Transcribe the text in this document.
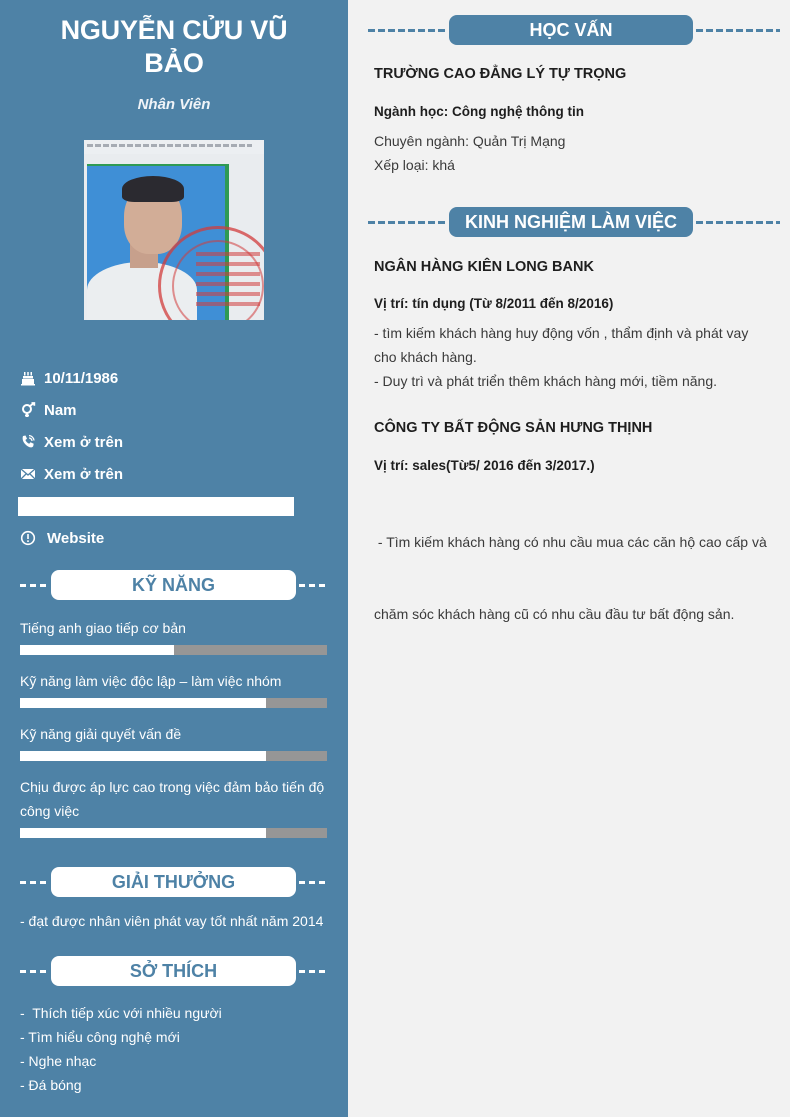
NGUYỄN CỬU VŨ BẢO
Nhân Viên
10/11/1986
Nam
Xem ở trên
Xem ở trên
Website
KỸ NĂNG
Tiếng anh giao tiếp cơ bản
Kỹ năng làm việc độc lập – làm việc nhóm
Kỹ năng giải quyết vấn đề
Chịu được áp lực cao trong việc đảm bảo tiến độ công việc
GIẢI THƯỞNG
- đạt được nhân viên phát vay tốt nhất năm 2014
SỞ THÍCH
-  Thích tiếp xúc với nhiều người
- Tìm hiểu công nghệ mới
- Nghe nhạc
- Đá bóng
HỌC VẤN
TRƯỜNG CAO ĐẲNG LÝ TỰ TRỌNG
Ngành học: Công nghệ thông tin
Chuyên ngành: Quản Trị Mạng
Xếp loại: khá
KINH NGHIỆM LÀM VIỆC
NGÂN HÀNG KIÊN LONG BANK
Vị trí: tín dụng (Từ 8/2011 đến 8/2016)
- tìm kiếm khách hàng huy động vốn , thẩm định và phát vay
cho khách hàng.
- Duy trì và phát triển thêm khách hàng mới, tiềm năng.
CÔNG TY BẤT ĐỘNG SẢN HƯNG THỊNH
Vị trí: sales(Từ5/ 2016 đến 3/2017.)

- Tìm kiếm khách hàng có nhu cầu mua các căn hộ cao cấp và

chăm sóc khách hàng cũ có nhu cầu đầu tư bất động sản.
